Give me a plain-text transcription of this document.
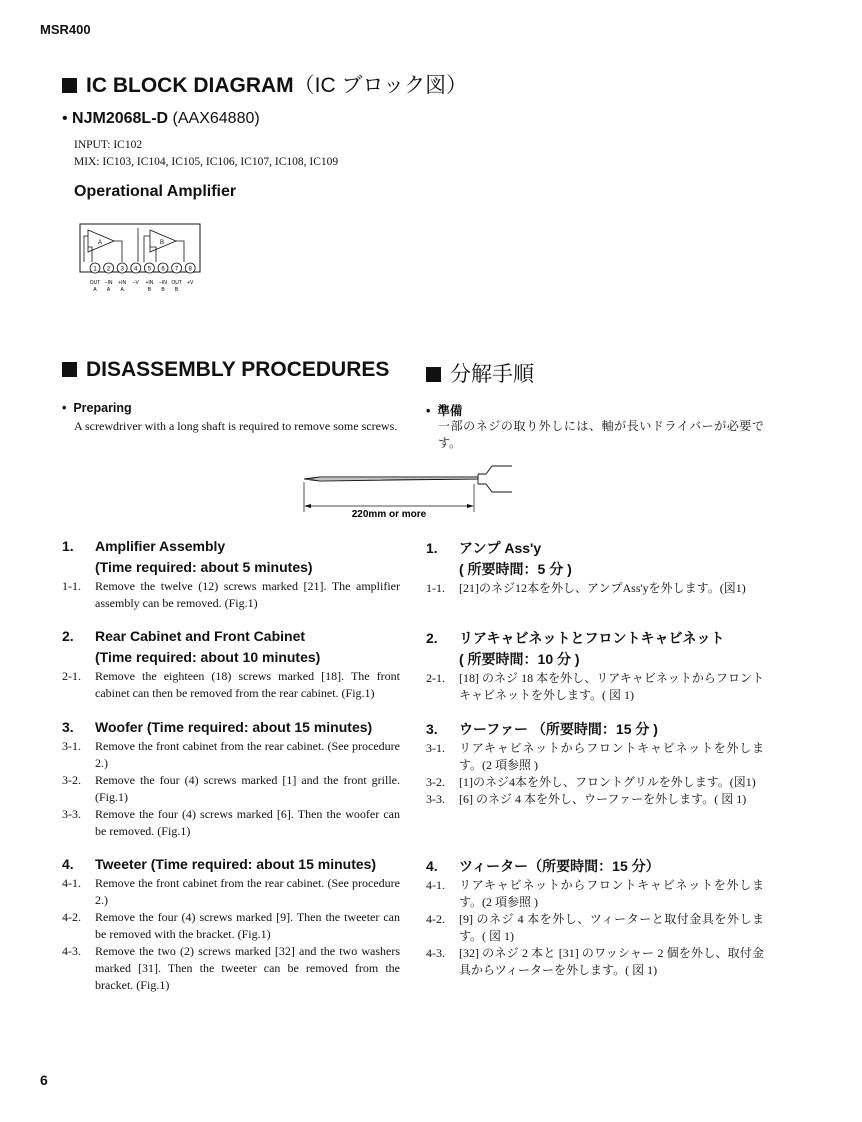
MSR400
IC BLOCK DIAGRAM（IC ブロック図）
• NJM2068L-D (AAX64880)
INPUT: IC102
MIX: IC103, IC104, IC105, IC106, IC107, IC108, IC109
Operational Amplifier
A	B
1
OUT
A
2
–IN
A
3
+IN
A
4
–V
5
+IN
B
6
–IN
B
7
OUT
B
8
+V
DISASSEMBLY PROCEDURES	分解手順
•  Preparing	•  準備
A screwdriver with a long shaft is required to remove some screws.	一部のネジの取り外しには、軸が長いドライバーが必要です。
220mm or more
1. Amplifier Assembly
(Time required: about 5 minutes)
1-1. Remove the twelve (12) screws marked [21]. The amplifier assembly can be removed. (Fig.1)
2. Rear Cabinet and Front Cabinet
(Time required: about 10 minutes)
2-1. Remove the eighteen (18) screws marked [18]. The front cabinet can then be removed from the rear cabinet. (Fig.1)
3. Woofer (Time required: about 15 minutes)
3-1. Remove the front cabinet from the rear cabinet. (See procedure 2.)
3-2. Remove the four (4) screws marked [1] and the front grille. (Fig.1)
3-3. Remove the four (4) screws marked [6]. Then the woofer can be removed. (Fig.1)
4. Tweeter (Time required: about 15 minutes)
4-1. Remove the front cabinet from the rear cabinet. (See procedure 2.)
4-2. Remove the four (4) screws marked [9]. Then the tweeter can be removed with the bracket. (Fig.1)
4-3. Remove the two (2) screws marked [32] and the two washers marked [31]. Then the tweeter can be removed from the bracket. (Fig.1)
1. アンプ Ass'y
( 所要時間：5 分 )
1-1. [21]のネジ12本を外し、アンプAss'yを外します。(図1)
2. リアキャビネットとフロントキャビネット
( 所要時間：10 分 )
2-1. [18] のネジ 18 本を外し、リアキャビネットからフロントキャビネットを外します。( 図 1)
3. ウーファー （所要時間：15 分 )
3-1. リアキャビネットからフロントキャビネットを外します。(2 項参照 )
3-2. [1]のネジ4本を外し、フロントグリルを外します。(図1)
3-3. [6] のネジ 4 本を外し、ウーファーを外します。( 図 1)
4. ツィーター（所要時間：15 分）
4-1. リアキャビネットからフロントキャビネットを外します。(2 項参照 )
4-2. [9] のネジ 4 本を外し、ツィーターと取付金具を外します。( 図 1)
4-3. [32] のネジ 2 本と [31] のワッシャー 2 個を外し、取付金具からツィーターを外します。( 図 1)
6
